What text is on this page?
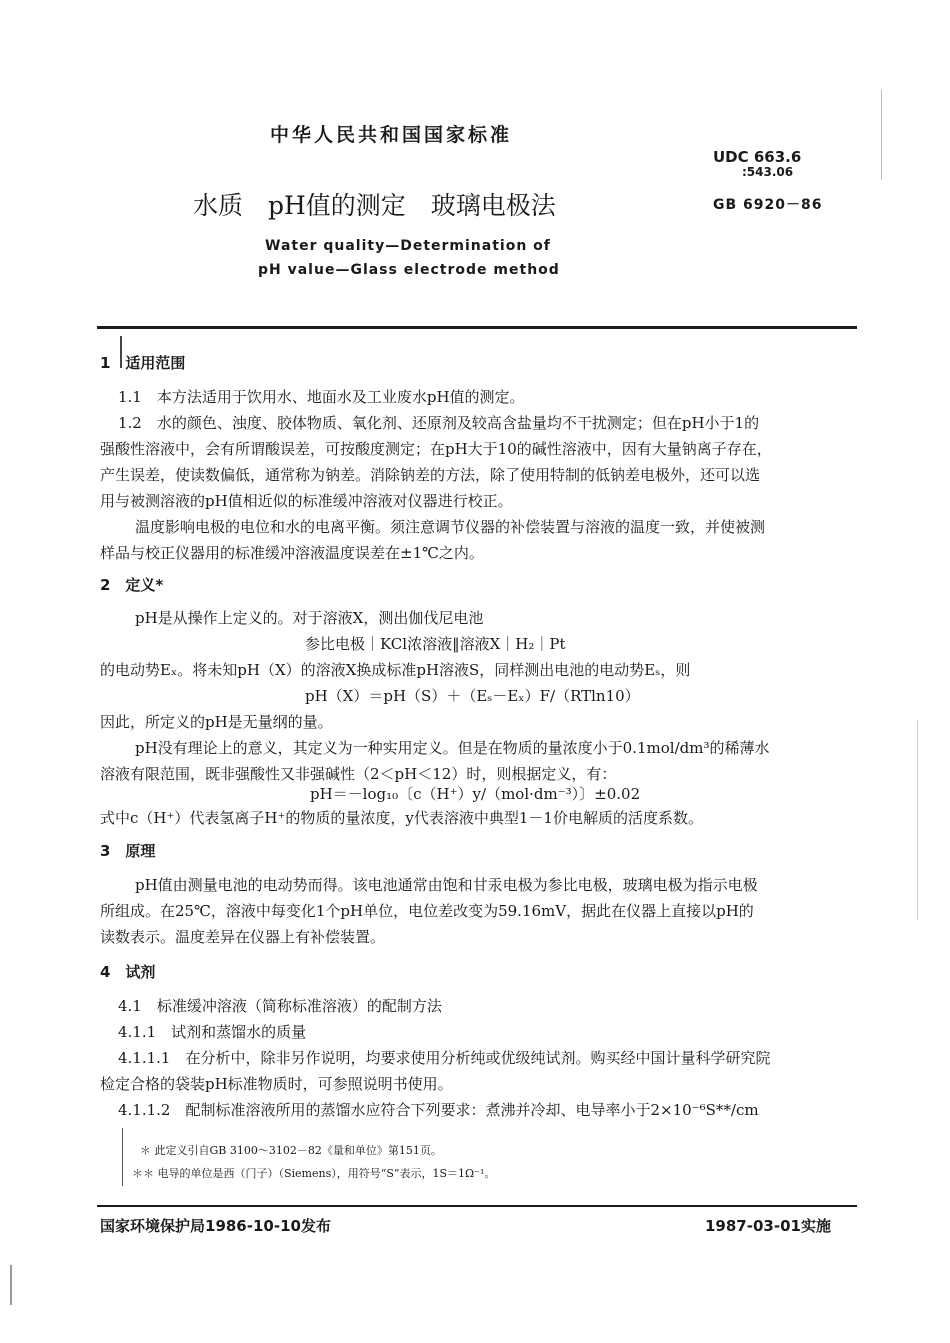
中华人民共和国国家标准
UDC 663.6
:543.06
水质　pH值的测定　玻璃电极法	GB 6920－86
Water quality—Determination of
pH value—Glass electrode method
1　适用范围
1.1　本方法适用于饮用水、地面水及工业废水pH值的测定。
1.2　水的颜色、浊度、胶体物质、氧化剂、还原剂及较高含盐量均不干扰测定；但在pH小于1的
强酸性溶液中，会有所谓酸误差，可按酸度测定；在pH大于10的碱性溶液中，因有大量钠离子存在，
产生误差，使读数偏低，通常称为钠差。消除钠差的方法，除了使用特制的低钠差电极外，还可以选
用与被测溶液的pH值相近似的标准缓冲溶液对仪器进行校正。
温度影响电极的电位和水的电离平衡。须注意调节仪器的补偿装置与溶液的温度一致，并使被测
样品与校正仪器用的标准缓冲溶液温度误差在±1℃之内。
2　定义*
pH是从操作上定义的。对于溶液X，测出伽伐尼电池
参比电极｜KCl浓溶液‖溶液X｜H₂｜Pt
的电动势Eₓ。将未知pH（X）的溶液X换成标准pH溶液S，同样测出电池的电动势Eₛ，则
pH（X）＝pH（S）＋（Eₛ－Eₓ）F/（RTln10）
因此，所定义的pH是无量纲的量。
pH没有理论上的意义，其定义为一种实用定义。但是在物质的量浓度小于0.1mol/dm³的稀薄水
溶液有限范围，既非强酸性又非强碱性（2＜pH＜12）时，则根据定义，有：
pH＝－log₁₀〔c（H⁺）y/（mol·dm⁻³）〕±0.02
式中c（H⁺）代表氢离子H⁺的物质的量浓度，y代表溶液中典型1－1价电解质的活度系数。
3　原理
pH值由测量电池的电动势而得。该电池通常由饱和甘汞电极为参比电极，玻璃电极为指示电极
所组成。在25℃，溶液中每变化1个pH单位，电位差改变为59.16mV，据此在仪器上直接以pH的
读数表示。温度差异在仪器上有补偿装置。
4　试剂
4.1　标准缓冲溶液（简称标准溶液）的配制方法
4.1.1　试剂和蒸馏水的质量
4.1.1.1　在分析中，除非另作说明，均要求使用分析纯或优级纯试剂。购买经中国计量科学研究院
检定合格的袋装pH标准物质时，可参照说明书使用。
4.1.1.2　配制标准溶液所用的蒸馏水应符合下列要求：煮沸并冷却、电导率小于2×10⁻⁶S**/cm
＊ 此定义引自GB 3100～3102－82《量和单位》第151页。
＊＊ 电导的单位是西（门子）（Siemens），用符号“S”表示，1S＝1Ω⁻¹。
国家环境保护局1986-10-10发布	1987-03-01实施
